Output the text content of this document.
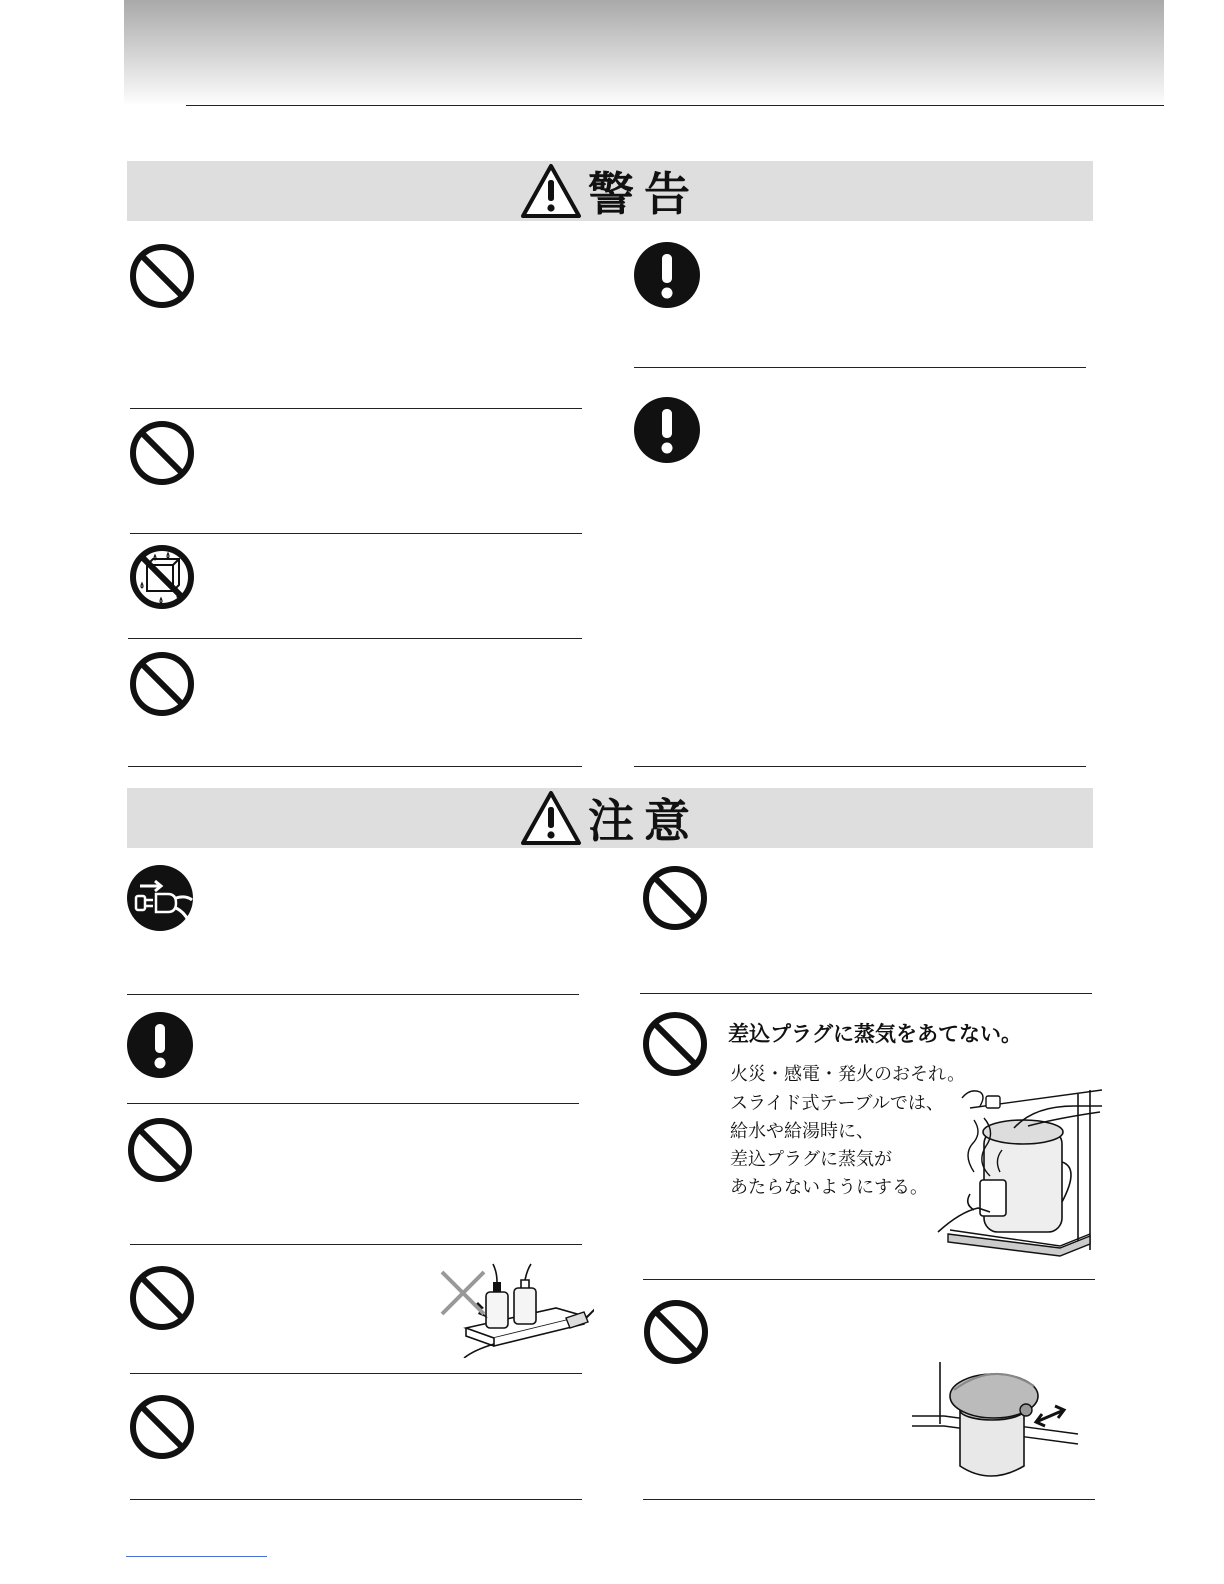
警告
注意
差込プラグに蒸気をあてない。
火災・感電・発火のおそれ。
スライド式テーブルでは、
給水や給湯時に、
差込プラグに蒸気が
あたらないようにする。
